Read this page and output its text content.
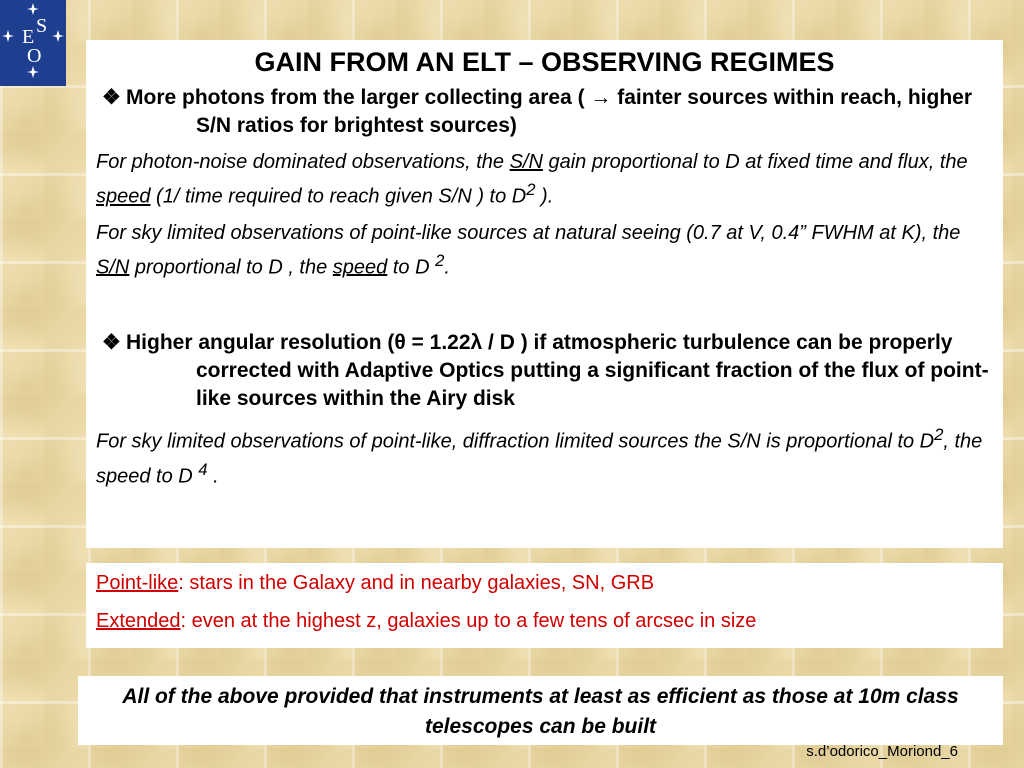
E S
O	GAIN FROM AN ELT – OBSERVING REGIMES

❖ More photons from the larger collecting area ( → fainter sources within reach, higher S/N ratios for brightest sources)

For photon-noise dominated observations, the S/N gain proportional to D at fixed time and flux, the speed (1/ time required to reach given S/N ) to $D^2$ ).

For sky limited observations of point-like sources at natural seeing (0.7 at V, 0.4” FWHM at K), the S/N proportional to D , the speed to D $^2$.

❖ Higher angular resolution (θ = 1.22λ / D ) if atmospheric turbulence can be properly corrected with Adaptive Optics putting a significant fraction of the flux of point-like sources within the Airy disk

For sky limited observations of point-like, diffraction limited sources the S/N is proportional to $D^2$, the speed to D $^4$ .

Point-like: stars in the Galaxy and in nearby galaxies, SN, GRB

Extended: even at the highest z, galaxies up to a few tens of arcsec in size

All of the above provided that instruments at least as efficient as those at 10m class telescopes can be built

s.d’odorico_Moriond_6
